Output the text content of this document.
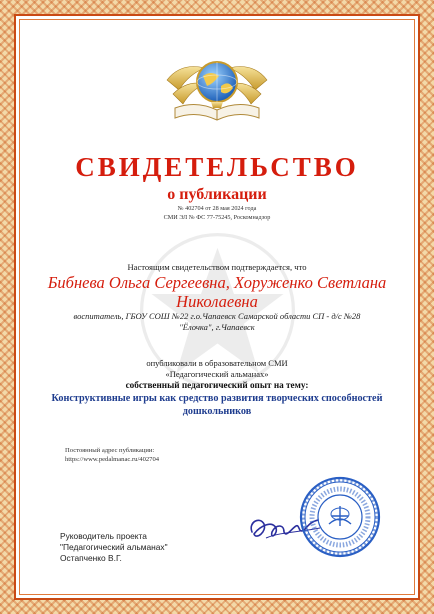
СВИДЕТЕЛЬСТВО
о публикации
№ 402704 от 28 мая 2024 года
СМИ ЭЛ № ФС 77-75245, Роскомнадзор
Настоящим свидетельством подтверждается, что
Бибнева Ольга Сергеевна, Хоруженко Светлана Николаевна
воспитатель, ГБОУ СОШ №22 г.о.Чапаевск Самарской области СП - д/с №28 "Ёлочка", г.Чапаевск
опубликовали в образовательном СМИ
«Педагогический альманах»
собственный педагогический опыт на тему:
Конструктивные игры как средство развития творческих способностей дошкольников
Постоянный адрес публикации:
https://www.pedalmanac.ru/402704
Руководитель проекта
"Педагогический альманах"
Остапченко В.Г.
